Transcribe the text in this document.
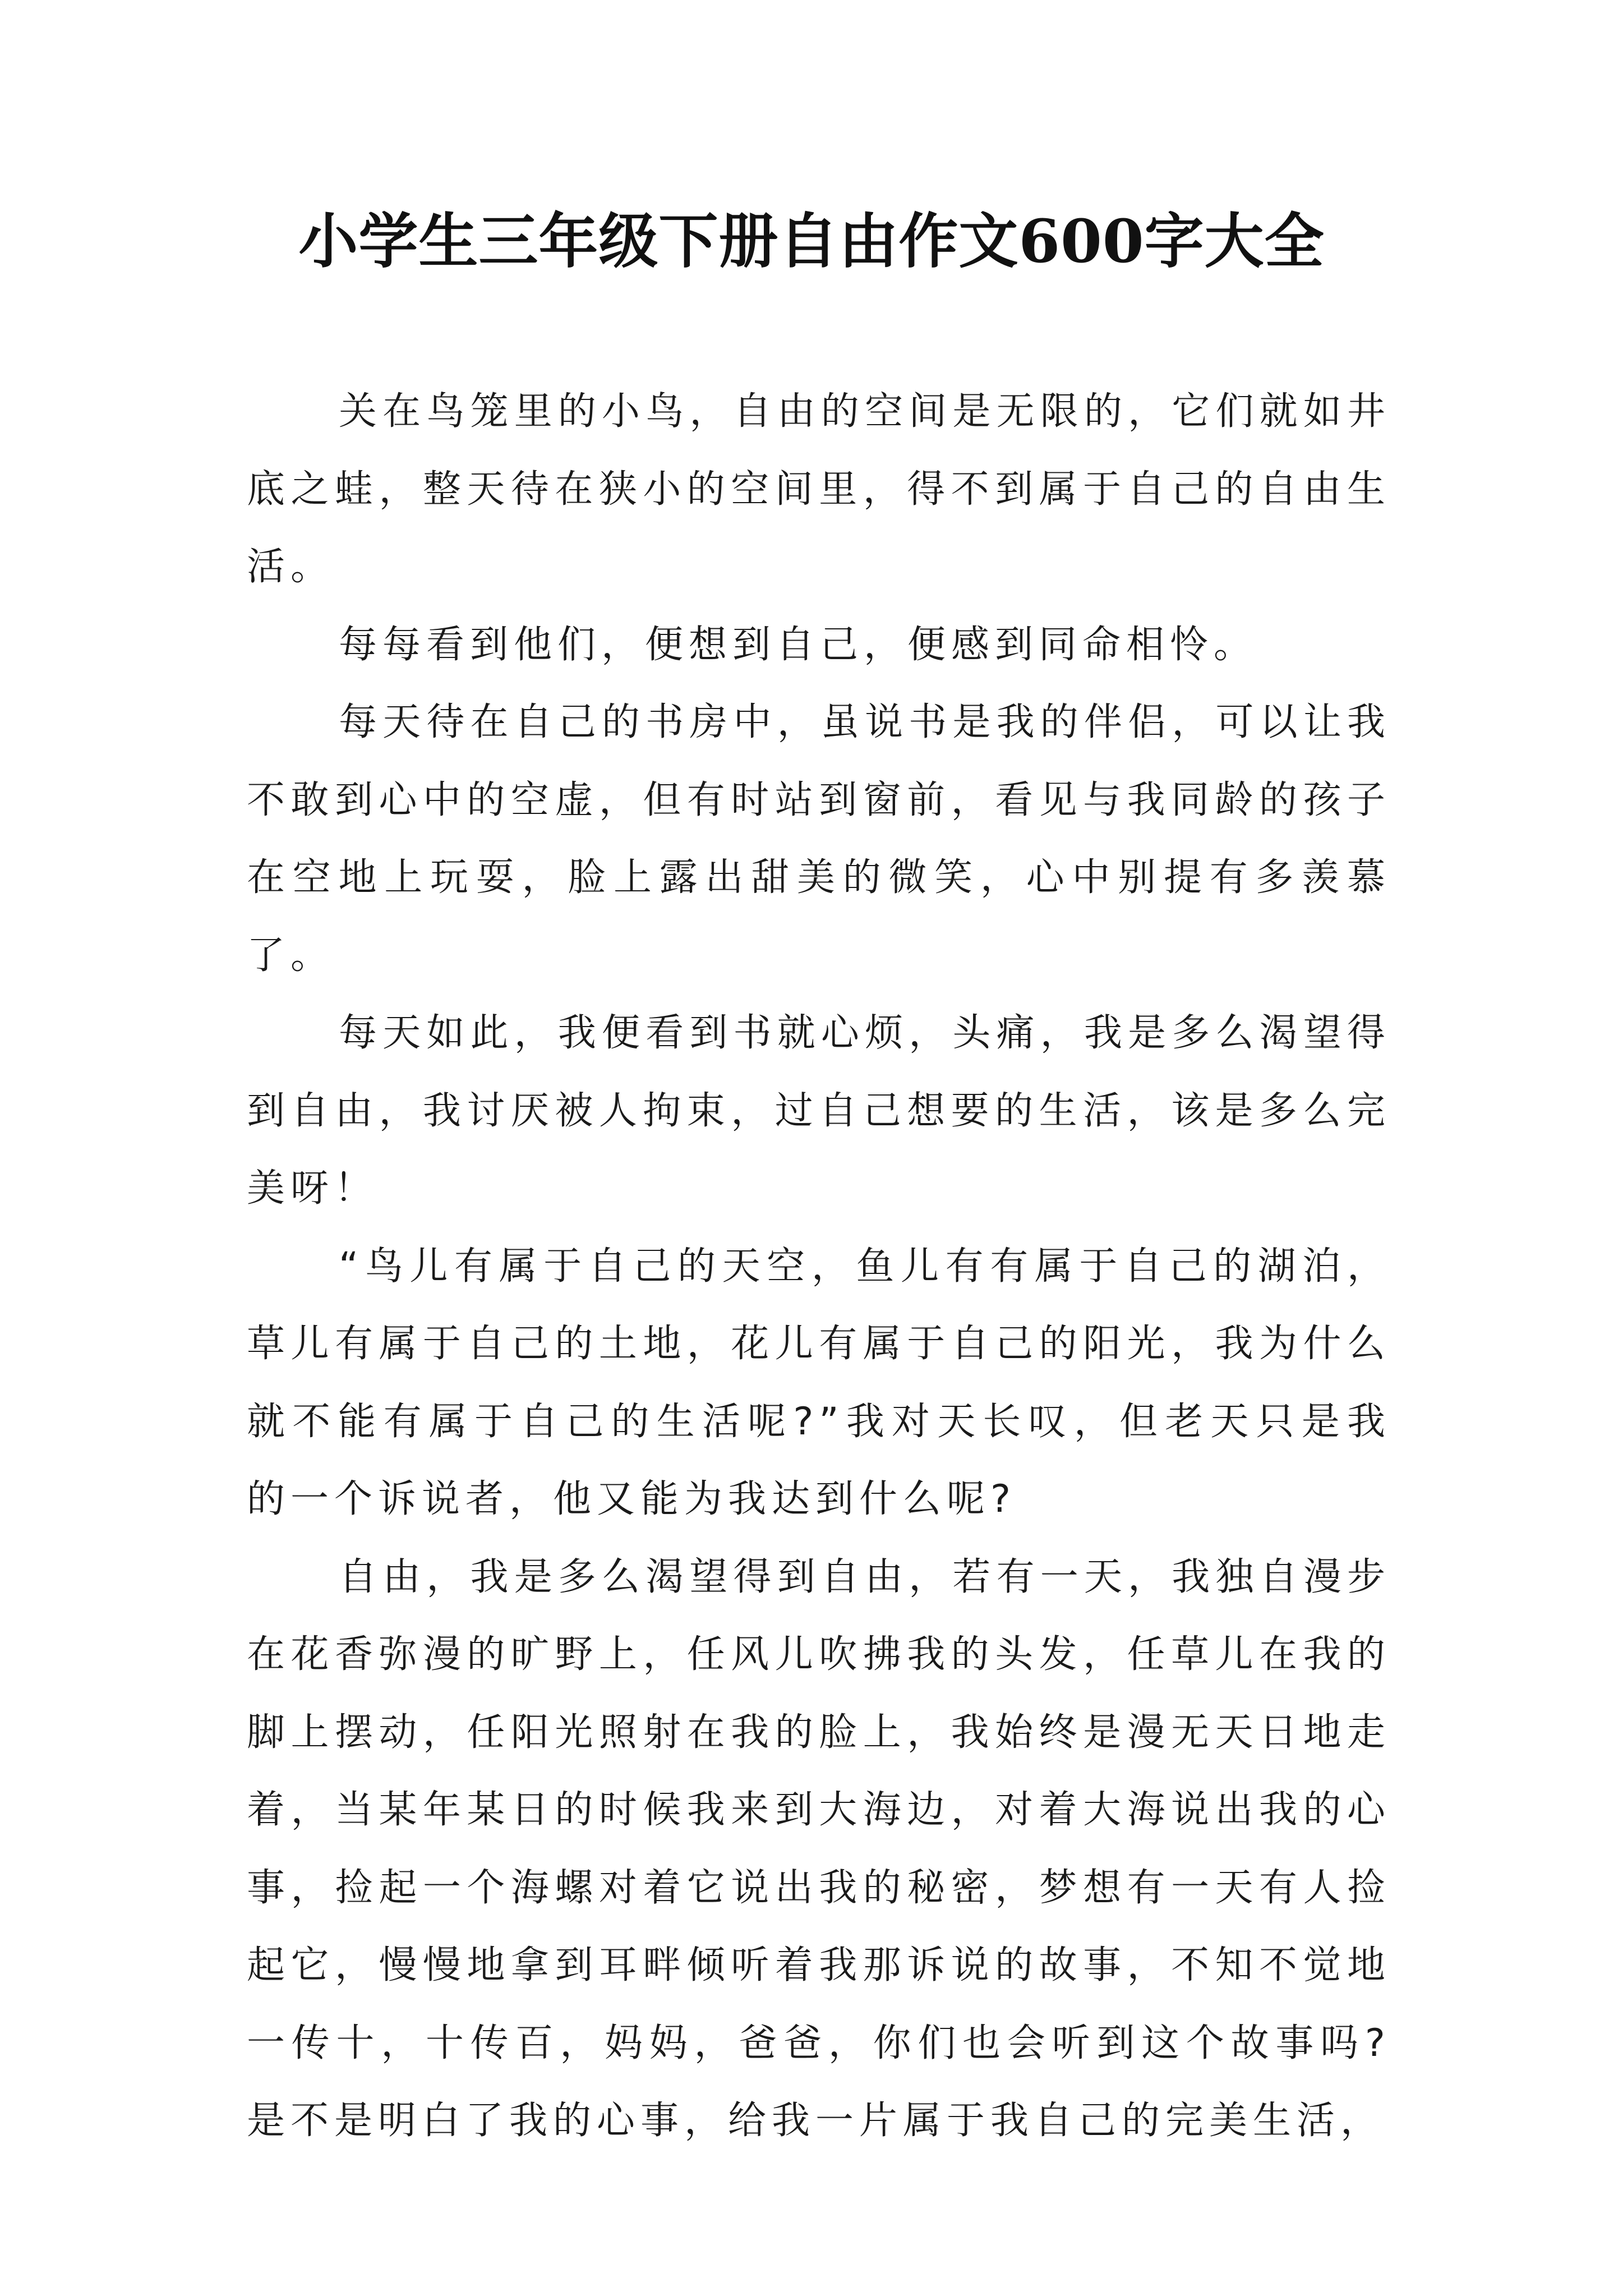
小学生三年级下册自由作文600字大全

关在鸟笼里的小鸟，自由的空间是无限的，它们就如井底之蛙，整天待在狭小的空间里，得不到属于自己的自由生活。

每每看到他们，便想到自己，便感到同命相怜。

每天待在自己的书房中，虽说书是我的伴侣，可以让我不敢到心中的空虚，但有时站到窗前，看见与我同龄的孩子在空地上玩耍，脸上露出甜美的微笑，心中别提有多羡慕了。

每天如此，我便看到书就心烦，头痛，我是多么渴望得到自由，我讨厌被人拘束，过自己想要的生活，该是多么完美呀！

“鸟儿有属于自己的天空，鱼儿有有属于自己的湖泊，草儿有属于自己的土地，花儿有属于自己的阳光，我为什么就不能有属于自己的生活呢?”我对天长叹，但老天只是我的一个诉说者，他又能为我达到什么呢?

自由，我是多么渴望得到自由，若有一天，我独自漫步在花香弥漫的旷野上，任风儿吹拂我的头发，任草儿在我的脚上摆动，任阳光照射在我的脸上，我始终是漫无天日地走着，当某年某日的时候我来到大海边，对着大海说出我的心事，捡起一个海螺对着它说出我的秘密，梦想有一天有人捡起它，慢慢地拿到耳畔倾听着我那诉说的故事，不知不觉地一传十，十传百，妈妈，爸爸，你们也会听到这个故事吗?是不是明白了我的心事，给我一片属于我自己的完美生活，
